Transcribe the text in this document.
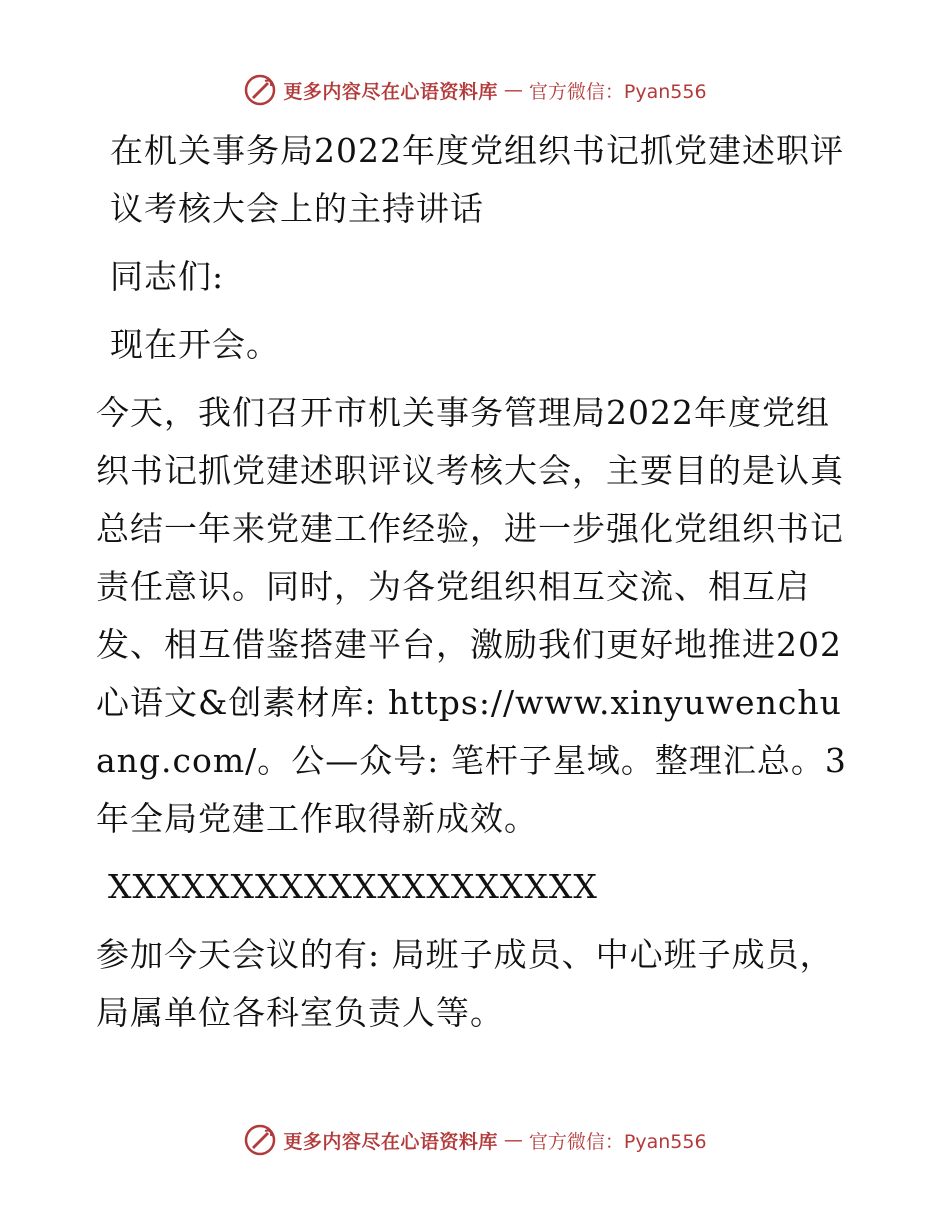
更多内容尽在心语资料库 — 官方微信：Pyan556

在机关事务局2022年度党组织书记抓党建述职评议考核大会上的主持讲话

同志们:

现在开会。

今天，我们召开市机关事务管理局2022年度党组织书记抓党建述职评议考核大会，主要目的是认真总结一年来党建工作经验，进一步强化党组织书记责任意识。同时，为各党组织相互交流、相互启发、相互借鉴搭建平台，激励我们更好地推进202心语文&创素材库: https://www.xinyuwenchuang.com/。公—众号: 笔杆子星域。整理汇总。3年全局党建工作取得新成效。

XXXXXXXXXXXXXXXXXXXX

参加今天会议的有: 局班子成员、中心班子成员，局属单位各科室负责人等。

更多内容尽在心语资料库 — 官方微信：Pyan556
